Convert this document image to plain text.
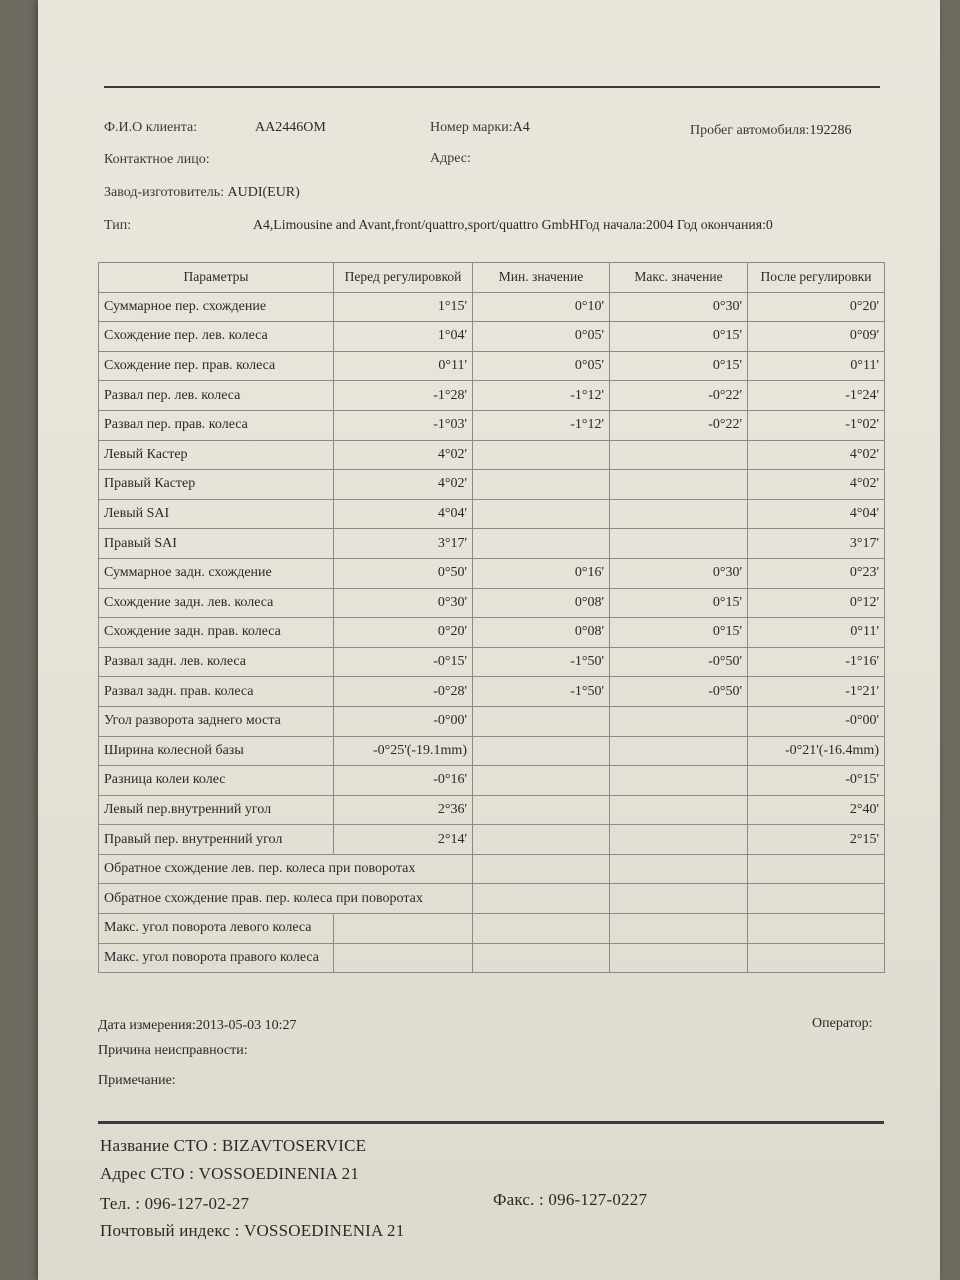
Ф.И.О клиента:	AA2446OM	Номер марки:A4	Пробег автомобиля:192286
Контактное лицо:	Адрес:
Завод-изготовитель: AUDI(EUR)
Тип:	A4,Limousine and Avant,front/quattro,sport/quattro GmbHГод начала:2004 Год окончания:0
Параметры	Перед регулировкой	Мин. значение	Макс. значение	После регулировки
Суммарное пер. схождение	1°15'	0°10'	0°30'	0°20'
Схождение пер. лев. колеса	1°04'	0°05'	0°15'	0°09'
Схождение пер. прав. колеса	0°11'	0°05'	0°15'	0°11'
Развал пер. лев. колеса	-1°28'	-1°12'	-0°22'	-1°24'
Развал пер. прав. колеса	-1°03'	-1°12'	-0°22'	-1°02'
Левый Кастер	4°02'			4°02'
Правый Кастер	4°02'			4°02'
Левый SAI	4°04'			4°04'
Правый SAI	3°17'			3°17'
Суммарное задн. схождение	0°50'	0°16'	0°30'	0°23'
Схождение задн. лев. колеса	0°30'	0°08'	0°15'	0°12'
Схождение задн. прав. колеса	0°20'	0°08'	0°15'	0°11'
Развал задн. лев. колеса	-0°15'	-1°50'	-0°50'	-1°16'
Развал задн. прав. колеса	-0°28'	-1°50'	-0°50'	-1°21'
Угол разворота заднего моста	-0°00'			-0°00'
Ширина колесной базы	-0°25'(-19.1mm)			-0°21'(-16.4mm)
Разница колеи колес	-0°16'			-0°15'
Левый пер.внутренний угол	2°36'			2°40'
Правый пер. внутренний угол	2°14'			2°15'
Обратное схождение лев. пер. колеса при поворотах				
Обратное схождение прав. пер. колеса при поворотах				
Макс. угол поворота левого колеса				
Макс. угол поворота правого колеса				
Дата измерения:2013-05-03 10:27	Оператор:
Причина неисправности:
Примечание:
Название СТО : BIZAVTOSERVICE
Адрес СТО : VOSSOEDINENIA 21
Тел. : 096-127-02-27	Факс. : 096-127-0227
Почтовый индекс : VOSSOEDINENIA 21
